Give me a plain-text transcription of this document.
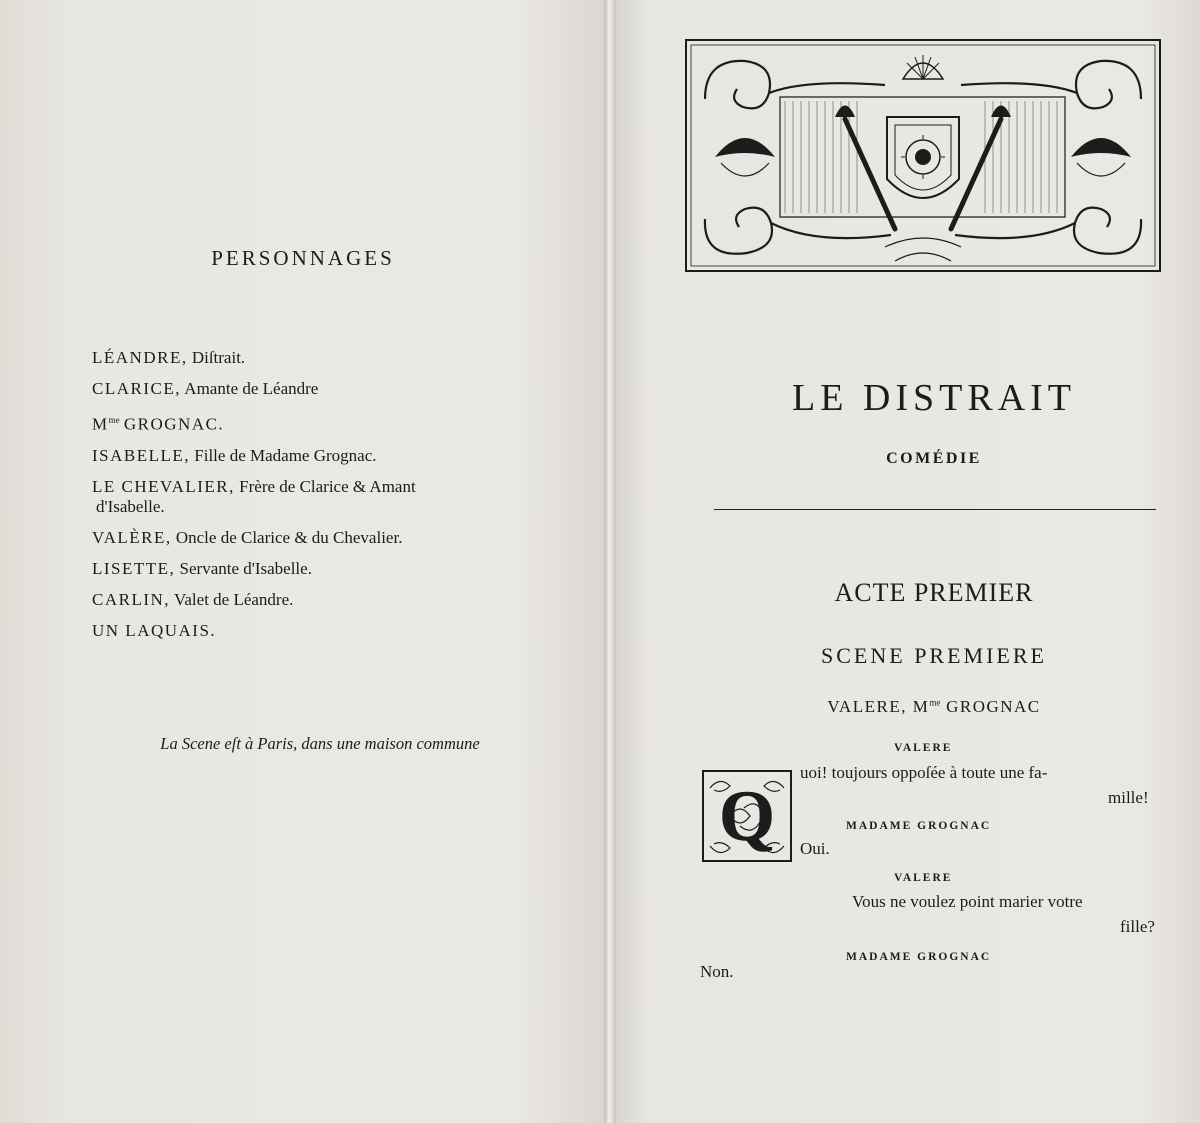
PERSONNAGES
LÉANDRE, Diſtrait.
CLARICE, Amante de Léandre
$M^{me}$ GROGNAC.
ISABELLE, Fille de Madame Grognac.
LE CHEVALIER, Frère de Clarice & Amant
d'Isabelle.
VALÈRE, Oncle de Clarice & du Chevalier.
LISETTE, Servante d'Isabelle.
CARLIN, Valet de Léandre.
UN LAQUAIS.
La Scene eſt à Paris, dans une maison commune
LE DISTRAIT
COMÉDIE
ACTE PREMIER
SCENE PREMIERE
VALERE, $M^{me}$ GROGNAC
Q
VALERE
uoi! toujours oppoſée à toute une fa-
mille!
MADAME GROGNAC
Oui.
VALERE
Vous ne voulez point marier votre
fille?
MADAME GROGNAC
Non.
